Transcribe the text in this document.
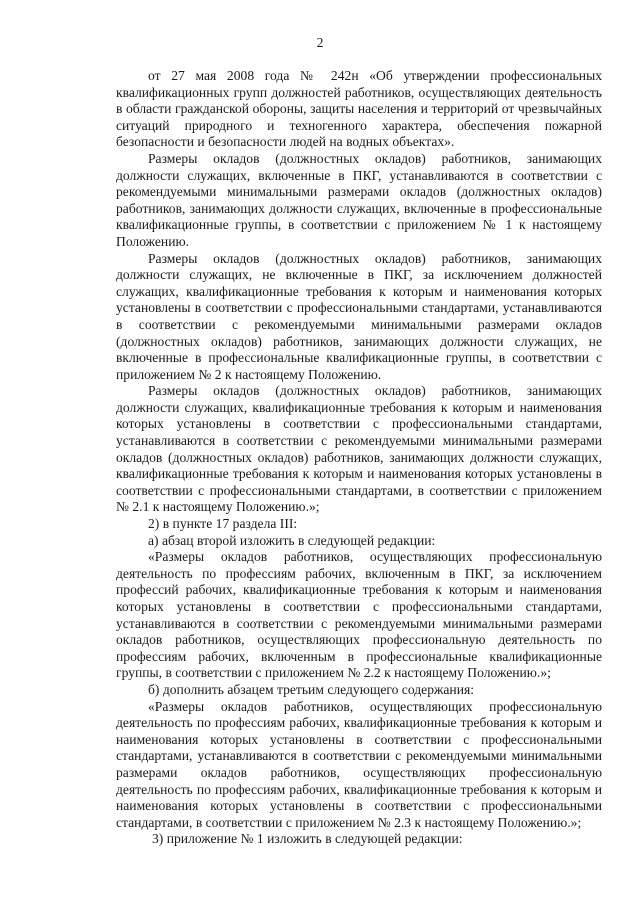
2

от 27 мая 2008 года № 242н «Об утверждении профессиональных квалификационных групп должностей работников, осуществляющих деятельность в области гражданской обороны, защиты населения и территорий от чрезвычайных ситуаций природного и техногенного характера, обеспечения пожарной безопасности и безопасности людей на водных объектах».

Размеры окладов (должностных окладов) работников, занимающих должности служащих, включенные в ПКГ, устанавливаются в соответствии с рекомендуемыми минимальными размерами окладов (должностных окладов) работников, занимающих должности служащих, включенные в профессиональные квалификационные группы, в соответствии с приложением № 1 к настоящему Положению.

Размеры окладов (должностных окладов) работников, занимающих должности служащих, не включенные в ПКГ, за исключением должностей служащих, квалификационные требования к которым и наименования которых установлены в соответствии с профессиональными стандартами, устанавливаются в соответствии с рекомендуемыми минимальными размерами окладов (должностных окладов) работников, занимающих должности служащих, не включенные в профессиональные квалификационные группы, в соответствии с приложением № 2 к настоящему Положению.

Размеры окладов (должностных окладов) работников, занимающих должности служащих, квалификационные требования к которым и наименования которых установлены в соответствии с профессиональными стандартами, устанавливаются в соответствии с рекомендуемыми минимальными размерами окладов (должностных окладов) работников, занимающих должности служащих, квалификационные требования к которым и наименования которых установлены в соответствии с профессиональными стандартами, в соответствии с приложением № 2.1 к настоящему Положению.»;

2) в пункте 17 раздела III:

а) абзац второй изложить в следующей редакции:

«Размеры окладов работников, осуществляющих профессиональную деятельность по профессиям рабочих, включенным в ПКГ, за исключением профессий рабочих, квалификационные требования к которым и наименования которых установлены в соответствии с профессиональными стандартами, устанавливаются в соответствии с рекомендуемыми минимальными размерами окладов работников, осуществляющих профессиональную деятельность по профессиям рабочих, включенным в профессиональные квалификационные группы, в соответствии с приложением № 2.2 к настоящему Положению.»;

б) дополнить абзацем третьим следующего содержания:

«Размеры окладов работников, осуществляющих профессиональную деятельность по профессиям рабочих, квалификационные требования к которым и наименования которых установлены в соответствии с профессиональными стандартами, устанавливаются в соответствии с рекомендуемыми минимальными размерами окладов работников, осуществляющих профессиональную деятельность по профессиям рабочих, квалификационные требования к которым и наименования которых установлены в соответствии с профессиональными стандартами, в соответствии с приложением № 2.3 к настоящему Положению.»;

3) приложение № 1 изложить в следующей редакции:
